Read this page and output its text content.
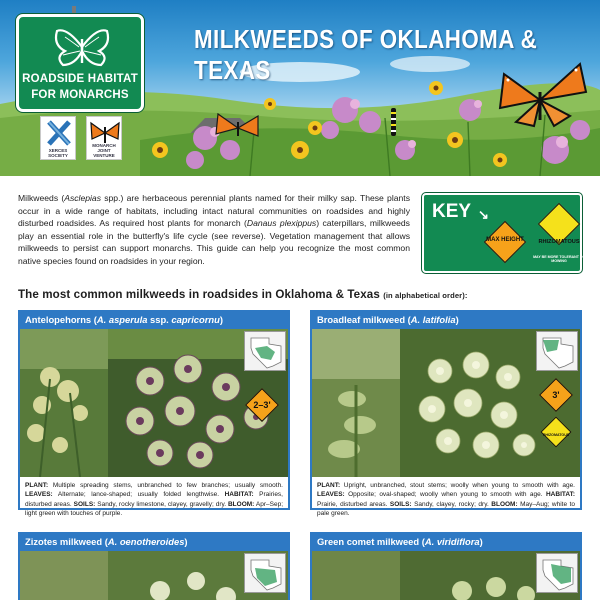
ROADSIDE HABITAT
FOR MONARCHS
XERCES SOCIETY
MONARCH JOINT VENTURE
MILKWEEDS OF OKLAHOMA & TEXAS

Milkweeds (Asclepias spp.) are herbaceous perennial plants named for their milky sap. These plants occur in a wide range of habitats, including intact natural communities on roadsides and highly disturbed roadsides. As required host plants for monarch (Danaus plexippus) caterpillars, milkweeds play an essential role in the butterfly's life cycle (see reverse). Vegetation management that allows milkweeds to persist can support monarchs. This guide can help you recognize the most common native species found on roadsides in your region.

KEY ↘
MAX HEIGHT	RHIZOMATOUS
MAY BE MORE TOLERANT OF MOWING
The most common milkweeds in roadsides in Oklahoma & Texas (in alphabetical order):
Antelopehorns (A. asperula ssp. capricornu)
2–3'
PLANT: Multiple spreading stems, unbranched to few branches; usually smooth. LEAVES: Alternate; lance-shaped; usually folded lengthwise. HABITAT: Prairies, disturbed areas. SOILS: Sandy, rocky limestone, clayey, gravelly; dry. BLOOM: Apr–Sep; light green with touches of purple.
Broadleaf milkweed (A. latifolia)
3'
RHIZOMATOUS
PLANT: Upright, unbranched, stout stems; woolly when young to smooth with age. LEAVES: Opposite; oval-shaped; woolly when young to smooth with age. HABITAT: Prairie, disturbed areas. SOILS: Sandy, clayey, rocky; dry. BLOOM: May–Aug; white to pale green.
Zizotes milkweed (A. oenotheroides)	Green comet milkweed (A. viridiflora)
